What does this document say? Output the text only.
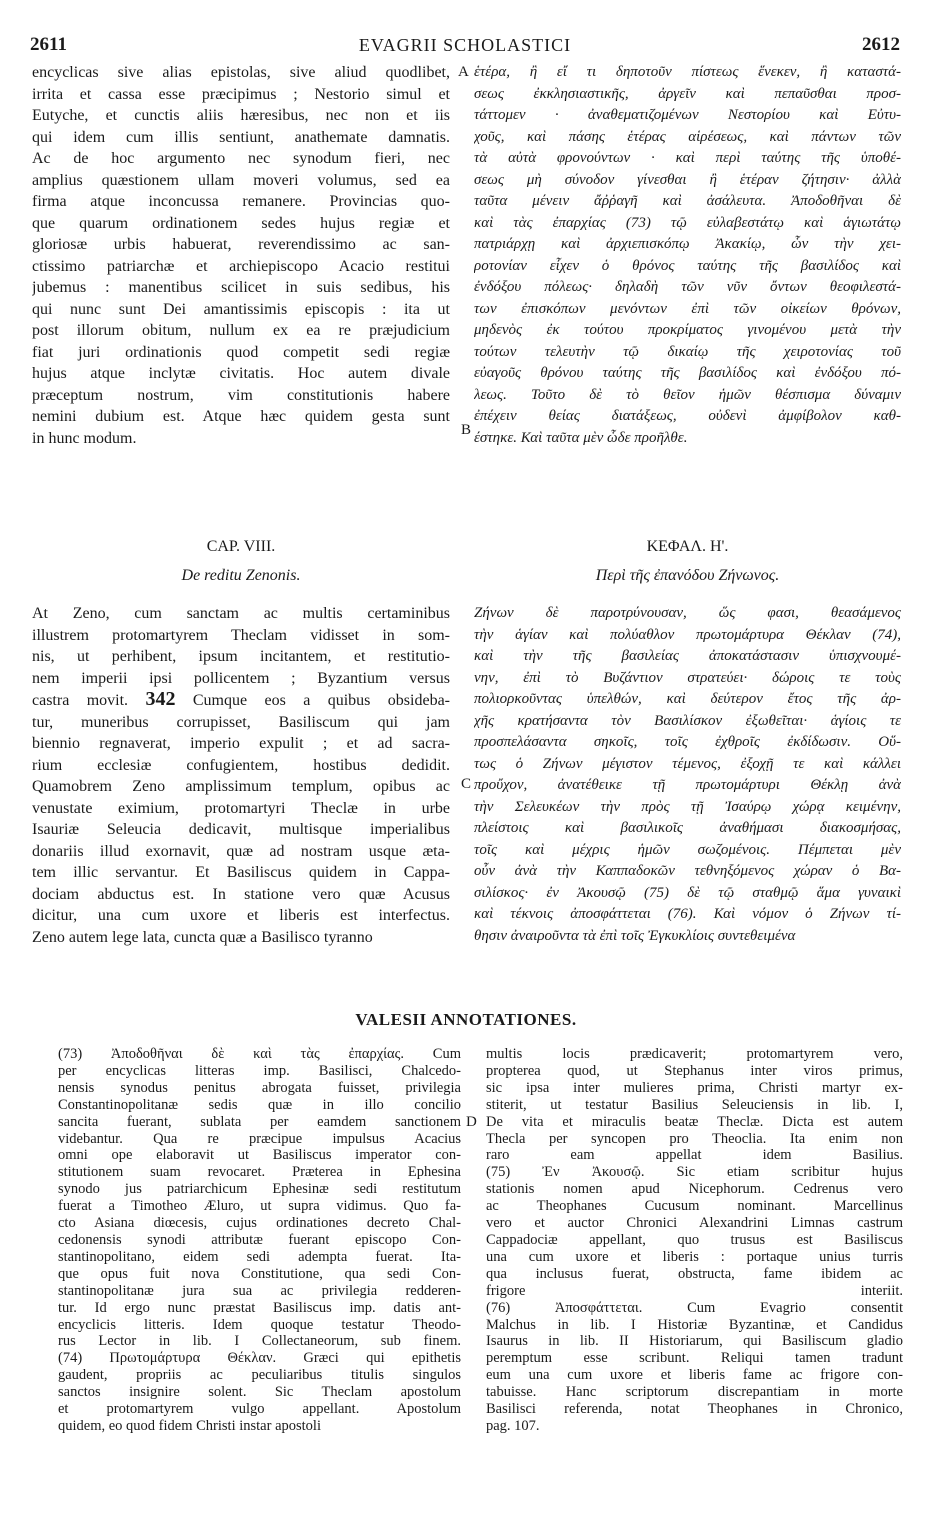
2611	EVAGRII SCHOLASTICI	2612
encyclicas sive alias epistolas, sive aliud quodlibet,
irrita et cassa esse præcipimus ; Nestorio simul et
Eutyche, et cunctis aliis hæresibus, nec non et iis
qui idem cum illis sentiunt, anathemate damnatis.
Ac de hoc argumento nec synodum fieri, nec
amplius quæstionem ullam moveri volumus, sed ea
firma atque inconcussa remanere. Provincias quo-
que quarum ordinationem sedes hujus regiæ et
gloriosæ urbis habuerat, reverendissimo ac san-
ctissimo patriarchæ et archiepiscopo Acacio restitui
jubemus : manentibus scilicet in suis sedibus, his
qui nunc sunt Dei amantissimis episcopis : ita ut
post illorum obitum, nullum ex ea re præjudicium
fiat juri ordinationis quod competit sedi regiæ
hujus atque inclytæ civitatis. Hoc autem divale
præceptum nostrum, vim constitutionis habere
nemini dubium est. Atque hæc quidem gesta sunt
in hunc modum.
ἑτέρα, ἢ εἴ τι δηποτοῦν πίστεως ἕνεκεν, ἢ καταστά-
σεως ἐκκλησιαστικῆς, ἀργεῖν καὶ πεπαῦσθαι προσ-
τάττομεν · ἀναθεματιζομένων Νεστορίου καὶ Εὐτυ-
χοῦς, καὶ πάσης ἑτέρας αἱρέσεως, καὶ πάντων τῶν
τὰ αὐτὰ φρονούντων · καὶ περὶ ταύτης τῆς ὑποθέ-
σεως μὴ σύνοδον γίνεσθαι ἢ ἑτέραν ζήτησιν· ἀλλὰ
ταῦτα μένειν ἄῤῥαγῆ καὶ ἀσάλευτα. Ἀποδοθῆναι δὲ
καὶ τὰς ἐπαρχίας (73) τῷ εὐλαβεστάτῳ καὶ ἁγιωτάτῳ
πατριάρχῃ καὶ ἀρχιεπισκόπῳ Ἀκακίῳ, ὧν τὴν χει-
ροτονίαν εἶχεν ὁ θρόνος ταύτης τῆς βασιλίδος καὶ
ἐνδόξου πόλεως· δηλαδὴ τῶν νῦν ὄντων θεοφιλεστά-
των ἐπισκόπων μενόντων ἐπὶ τῶν οἰκείων θρόνων,
μηδενὸς ἐκ τούτου προκρίματος γινομένου μετὰ τὴν
τούτων τελευτὴν τῷ δικαίῳ τῆς χειροτονίας τοῦ
εὐαγοῦς θρόνου ταύτης τῆς βασιλίδος καὶ ἐνδόξου πό-
λεως. Τοῦτο δὲ τὸ θεῖον ἡμῶν θέσπισμα δύναμιν
ἐπέχειν θείας διατάξεως, οὐδενὶ ἀμφίβολον καθ-
έστηκε. Καὶ ταῦτα μὲν ὧδε προῆλθε.
A
B
C
D
CAP. VIII.
De reditu Zenonis.
ΚΕΦΑΛ. Η'.
Περὶ τῆς ἐπανόδου Ζήνωνος.
At Zeno, cum sanctam ac multis certaminibus
illustrem protomartyrem Theclam vidisset in som-
nis, ut perhibent, ipsum incitantem, et restitutio-
nem imperii ipsi pollicentem ; Byzantium versus
castra movit. 342 Cumque eos a quibus obsideba-
tur, muneribus corrupisset, Basiliscum qui jam
biennio regnaverat, imperio expulit ; et ad sacra-
rium ecclesiæ confugientem, hostibus dedidit.
Quamobrem Zeno amplissimum templum, opibus ac
venustate eximium, protomartyri Theclæ in urbe
Isauriæ Seleucia dedicavit, multisque imperialibus
donariis illud exornavit, quæ ad nostram usque æta-
tem illic servantur. Et Basiliscus quidem in Cappa-
dociam abductus est. In statione vero quæ Acusus
dicitur, una cum uxore et liberis est interfectus.
Zeno autem lege lata, cuncta quæ a Basilisco tyranno
Ζήνων δὲ παροτρύνουσαν, ὥς φασι, θεασάμενος
τὴν ἁγίαν καὶ πολύαθλον πρωτομάρτυρα Θέκλαν (74),
καὶ τὴν τῆς βασιλείας ἀποκατάστασιν ὑπισχνουμέ-
νην, ἐπὶ τὸ Βυζάντιον στρατεύει· δώροις τε τοὺς
πολιορκοῦντας ὑπελθών, καὶ δεύτερον ἔτος τῆς ἀρ-
χῆς κρατήσαντα τὸν Βασιλίσκον ἐξωθεῖται· ἁγίοις τε
προσπελάσαντα σηκοῖς, τοῖς ἐχθροῖς ἐκδίδωσιν. Οὕ-
τως ὁ Ζήνων μέγιστον τέμενος, ἐξοχῇ τε καὶ κάλλει
προὔχον, ἀνατέθεικε τῇ πρωτομάρτυρι Θέκλῃ ἀνὰ
τὴν Σελευκέων τὴν πρὸς τῇ Ἰσαύρῳ χώρᾳ κειμένην,
πλείστοις καὶ βασιλικοῖς ἀναθήμασι διακοσμήσας,
τοῖς καὶ μέχρις ἡμῶν σωζομένοις. Πέμπεται μὲν
οὖν ἀνὰ τὴν Καππαδοκῶν τεθνηξόμενος χώραν ὁ Βα-
σιλίσκος· ἐν Ἀκουσῷ (75) δὲ τῷ σταθμῷ ἅμα γυναικὶ
καὶ τέκνοις ἀποσφάττεται (76). Καὶ νόμον ὁ Ζήνων τί-
θησιν ἀναιροῦντα τὰ ἐπὶ τοῖς Ἐγκυκλίοις συντεθειμένα
VALESII ANNOTATIONES.
(73) Ἀποδοθῆναι δὲ καὶ τὰς ἐπαρχίας. Cum
per encyclicas litteras imp. Basilisci, Chalcedo-
nensis synodus penitus abrogata fuisset, privilegia
Constantinopolitanæ sedis quæ in illo concilio
sancita fuerant, sublata per eamdem sanctionem
videbantur. Qua re præcipue impulsus Acacius
omni ope elaboravit ut Basiliscus imperator con-
stitutionem suam revocaret. Præterea in Ephesina
synodo jus patriarchicum Ephesinæ sedi restitutum
fuerat a Timotheo Æluro, ut supra vidimus. Quo fa-
cto Asiana diœcesis, cujus ordinationes decreto Chal-
cedonensis synodi attributæ fuerant episcopo Con-
stantinopolitano, eidem sedi adempta fuerat. Ita-
que opus fuit nova Constitutione, qua sedi Con-
stantinopolitanæ jura sua ac privilegia redderen-
tur. Id ergo nunc præstat Basiliscus imp. datis ant-
encyclicis litteris. Idem quoque testatur Theodo-
rus Lector in lib. I Collectaneorum, sub finem.
(74) Πρωτομάρτυρα Θέκλαν. Græci qui epithetis
gaudent, propriis ac peculiaribus titulis singulos
sanctos insignire solent. Sic Theclam apostolum
et protomartyrem vulgo appellant. Apostolum
quidem, eo quod fidem Christi instar apostoli
multis locis prædicaverit; protomartyrem vero,
propterea quod, ut Stephanus inter viros primus,
sic ipsa inter mulieres prima, Christi martyr ex-
stiterit, ut testatur Basilius Seleuciensis in lib. I,
De vita et miraculis beatæ Theclæ. Dicta est autem
Thecla per syncopen pro Theoclia. Ita enim non
raro eam appellat idem Basilius.
(75) Ἐν Ἀκουσῷ. Sic etiam scribitur hujus
stationis nomen apud Nicephorum. Cedrenus vero
ac Theophanes Cucusum nominant. Marcellinus
vero et auctor Chronici Alexandrini Limnas castrum
Cappadociæ appellant, quo trusus est Basiliscus
una cum uxore et liberis : portaque unius turris
qua inclusus fuerat, obstructa, fame ibidem ac
frigore interiit.
(76) Ἀποσφάττεται. Cum Evagrio consentit
Malchus in lib. I Historiæ Byzantinæ, et Candidus
Isaurus in lib. II Historiarum, qui Basiliscum gladio
peremptum esse scribunt. Reliqui tamen tradunt
eum una cum uxore et liberis fame ac frigore con-
tabuisse. Hanc scriptorum discrepantiam in morte
Basilisci referenda, notat Theophanes in Chronico,
pag. 107.
